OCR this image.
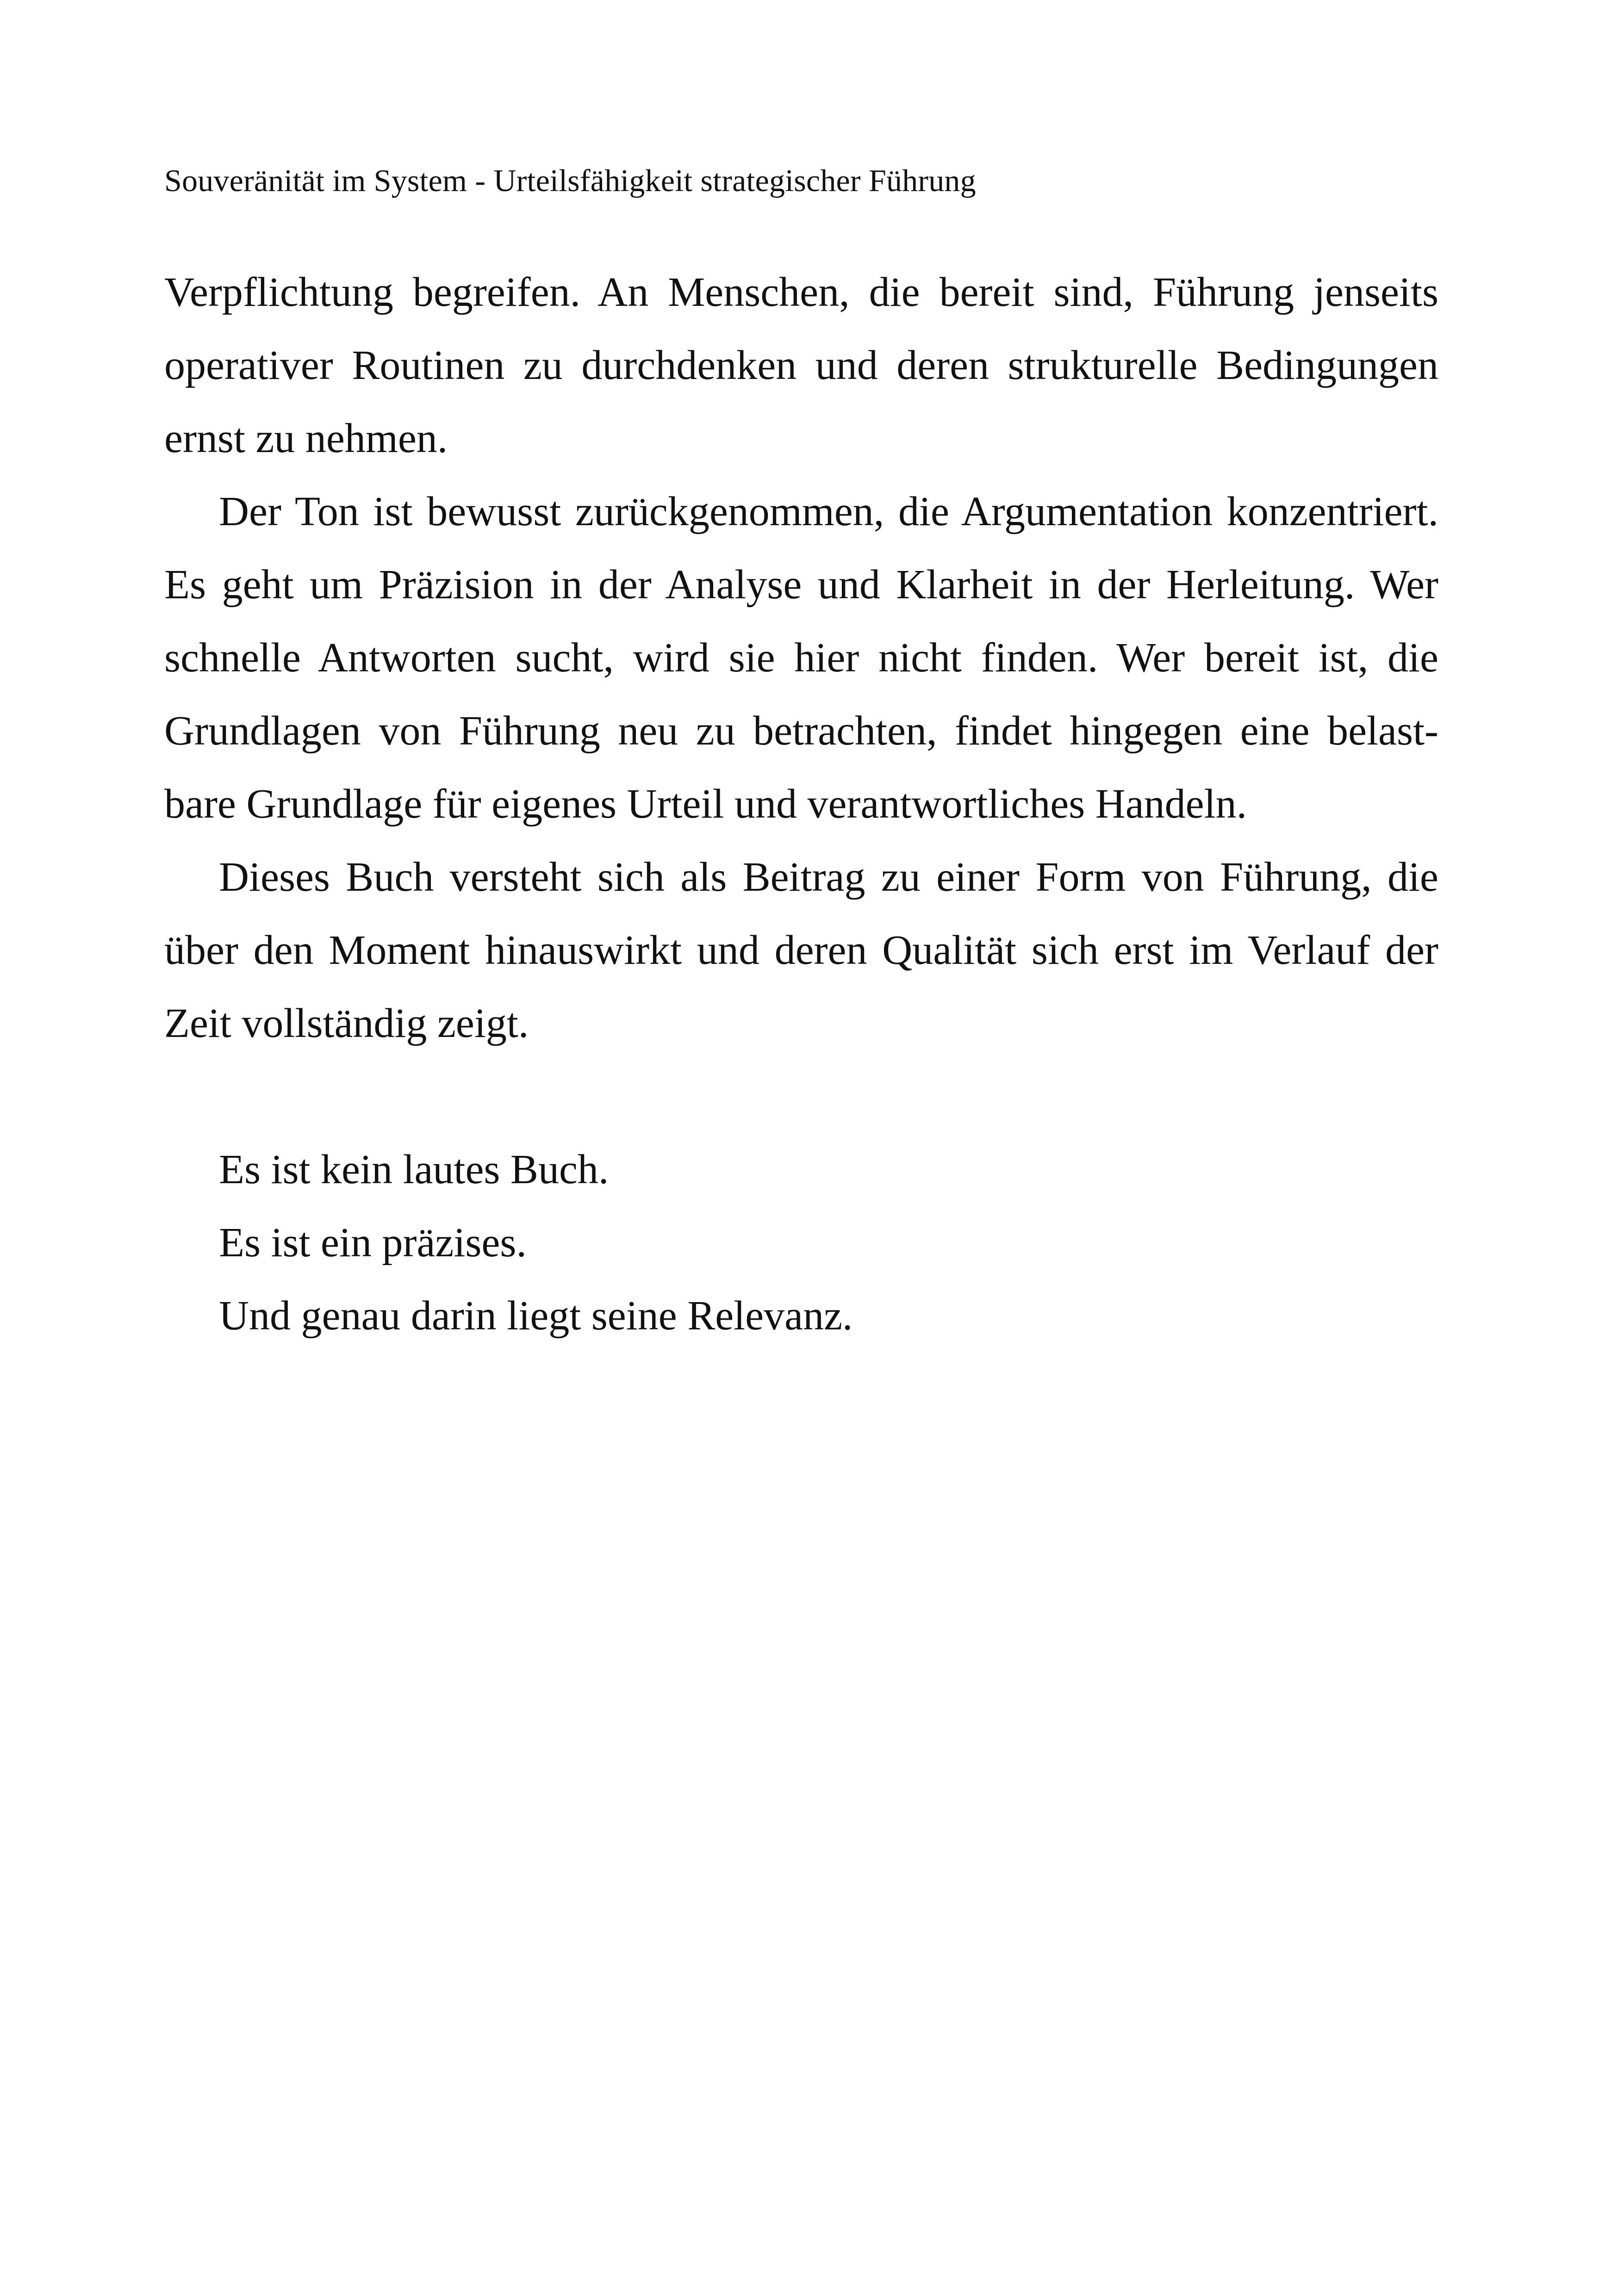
Souveränität im System - Urteilsfähigkeit strategischer Führung
Verpflichtung begreifen. An Menschen, die bereit sind, Führung jenseits
operativer Routinen zu durchdenken und deren strukturelle Bedingungen
ernst zu nehmen.
Der Ton ist bewusst zurückgenommen, die Argumentation konzentriert.
Es geht um Präzision in der Analyse und Klarheit in der Herleitung. Wer
schnelle Antworten sucht, wird sie hier nicht finden. Wer bereit ist, die
Grundlagen von Führung neu zu betrachten, findet hingegen eine belast-
bare Grundlage für eigenes Urteil und verantwortliches Handeln.
Dieses Buch versteht sich als Beitrag zu einer Form von Führung, die
über den Moment hinauswirkt und deren Qualität sich erst im Verlauf der
Zeit vollständig zeigt.
Es ist kein lautes Buch.
Es ist ein präzises.
Und genau darin liegt seine Relevanz.
